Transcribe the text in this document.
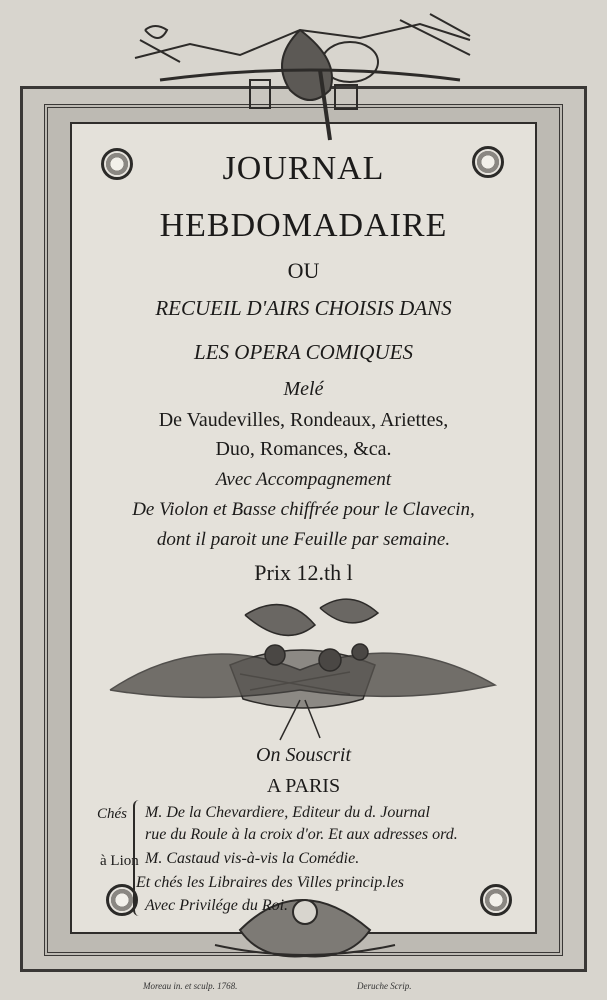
JOURNAL
HEBDOMADAIRE
OU
RECUEIL D'AIRS CHOISIS DANS
LES OPERA COMIQUES
Melé
De Vaudevilles, Rondeaux, Ariettes,
Duo, Romances, &ca.
Avec Accompagnement
De Violon et Basse chiffrée pour le Clavecin,
dont il paroit une Feuille par semaine.
Prix 12.th l
On Souscrit
A PARIS
Chés
à Lion
M. De la Chevardiere, Editeur du d. Journal
rue du Roule à la croix d'or. Et aux adresses ord.
M. Castaud vis-à-vis la Comédie.
Et chés les Libraires des Villes princip.les
Avec Privilége du Roi.
Moreau in. et sculp. 1768.	Deruche Scrip.
